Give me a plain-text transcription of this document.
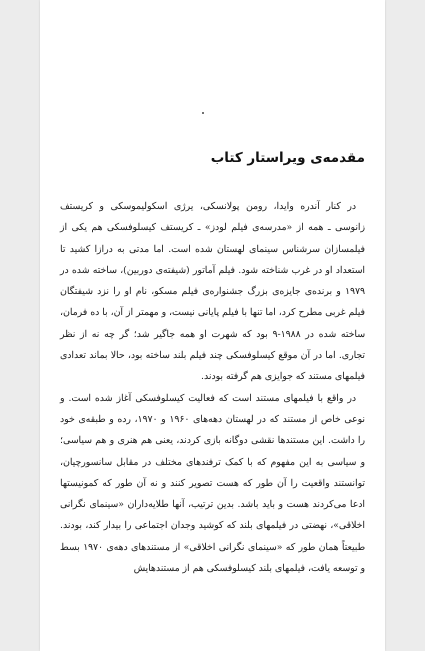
مقدمه‌ی ویراستار کتاب

در کنار آندره وایدا، رومن پولانسکی، یرژی اسکولیموسکی و کریستف زانوسی ـ همه از «مدرسه‌ی فیلم لودز» ـ کریستف کیسلوفسکی هم یکی از فیلمسازان سرشناس سینمای لهستان شده است. اما مدتی به درازا کشید تا استعداد او در غرب شناخته شود. فیلم آماتور (شیفته‌ی دوربین)، ساخته شده در ۱۹۷۹ و برنده‌ی جایزه‌ی بزرگ جشنواره‌ی فیلم مسکو، نام او را نزد شیفتگان فیلم غربی مطرح کرد، اما تنها با فیلم پایانی نیست، و مهمتر از آن، با ده فرمان، ساخته شده در ۱۹۸۸-۹ بود که شهرت او همه جاگیر شد؛ گر چه نه از نظر تجاری. اما در آن موقع کیسلوفسکی چند فیلم بلند ساخته بود، حالا بماند تعدادی فیلمهای مستند که جوایزی هم گرفته بودند.

در واقع با فیلمهای مستند است که فعالیت کیسلوفسکی آغاز شده است. و نوعی خاص از مستند که در لهستان دهه‌های ۱۹۶۰ و ۱۹۷۰، رده و طبقه‌ی خود را داشت. این مستندها نقشی دوگانه بازی کردند، یعنی هم هنری و هم سیاسی؛ و سیاسی به این مفهوم که با کمک ترفندهای مختلف در مقابل سانسورچیان، توانستند واقعیت را آن طور که هست تصویر کنند و نه آن طور که کمونیستها ادعا می‌کردند هست و باید باشد. بدین ترتیب، آنها طلایه‌داران «سینمای نگرانی اخلاقی»، نهضتی در فیلمهای بلند که کوشید وجدان اجتماعی را بیدار کند، بودند. طبیعتاً همان طور که «سینمای نگرانی اخلاقی» از مستندهای دهه‌ی ۱۹۷۰ بسط و توسعه یافت، فیلمهای بلند کیسلوفسکی هم از مستندهایش
